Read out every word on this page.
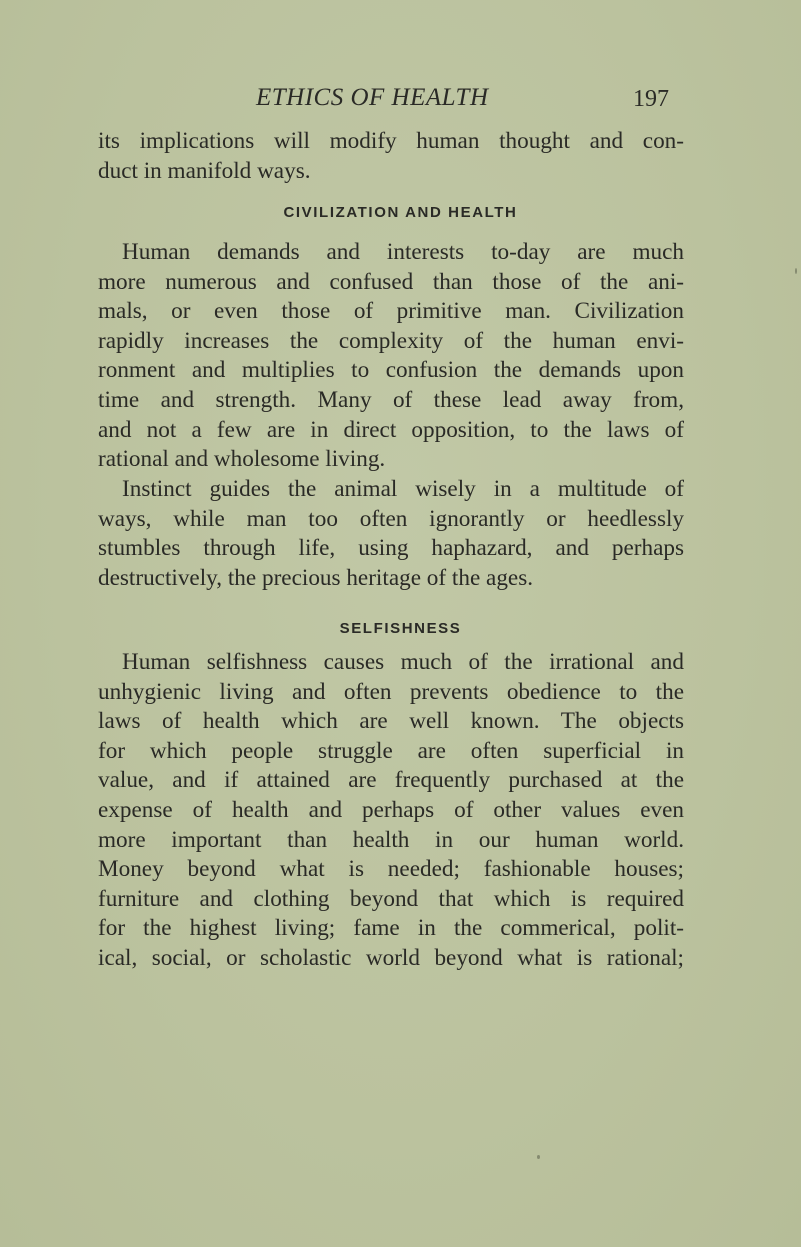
ETHICS OF HEALTH	197
its implications will modify human thought and con-
duct in manifold ways.
CIVILIZATION AND HEALTH
Human demands and interests to-day are much
more numerous and confused than those of the ani-
mals, or even those of primitive man. Civilization
rapidly increases the complexity of the human envi-
ronment and multiplies to confusion the demands upon
time and strength. Many of these lead away from,
and not a few are in direct opposition, to the laws of
rational and wholesome living.
Instinct guides the animal wisely in a multitude of
ways, while man too often ignorantly or heedlessly
stumbles through life, using haphazard, and perhaps
destructively, the precious heritage of the ages.
SELFISHNESS
Human selfishness causes much of the irrational and
unhygienic living and often prevents obedience to the
laws of health which are well known. The objects
for which people struggle are often superficial in
value, and if attained are frequently purchased at the
expense of health and perhaps of other values even
more important than health in our human world.
Money beyond what is needed; fashionable houses;
furniture and clothing beyond that which is required
for the highest living; fame in the commerical, polit-
ical, social, or scholastic world beyond what is rational;
